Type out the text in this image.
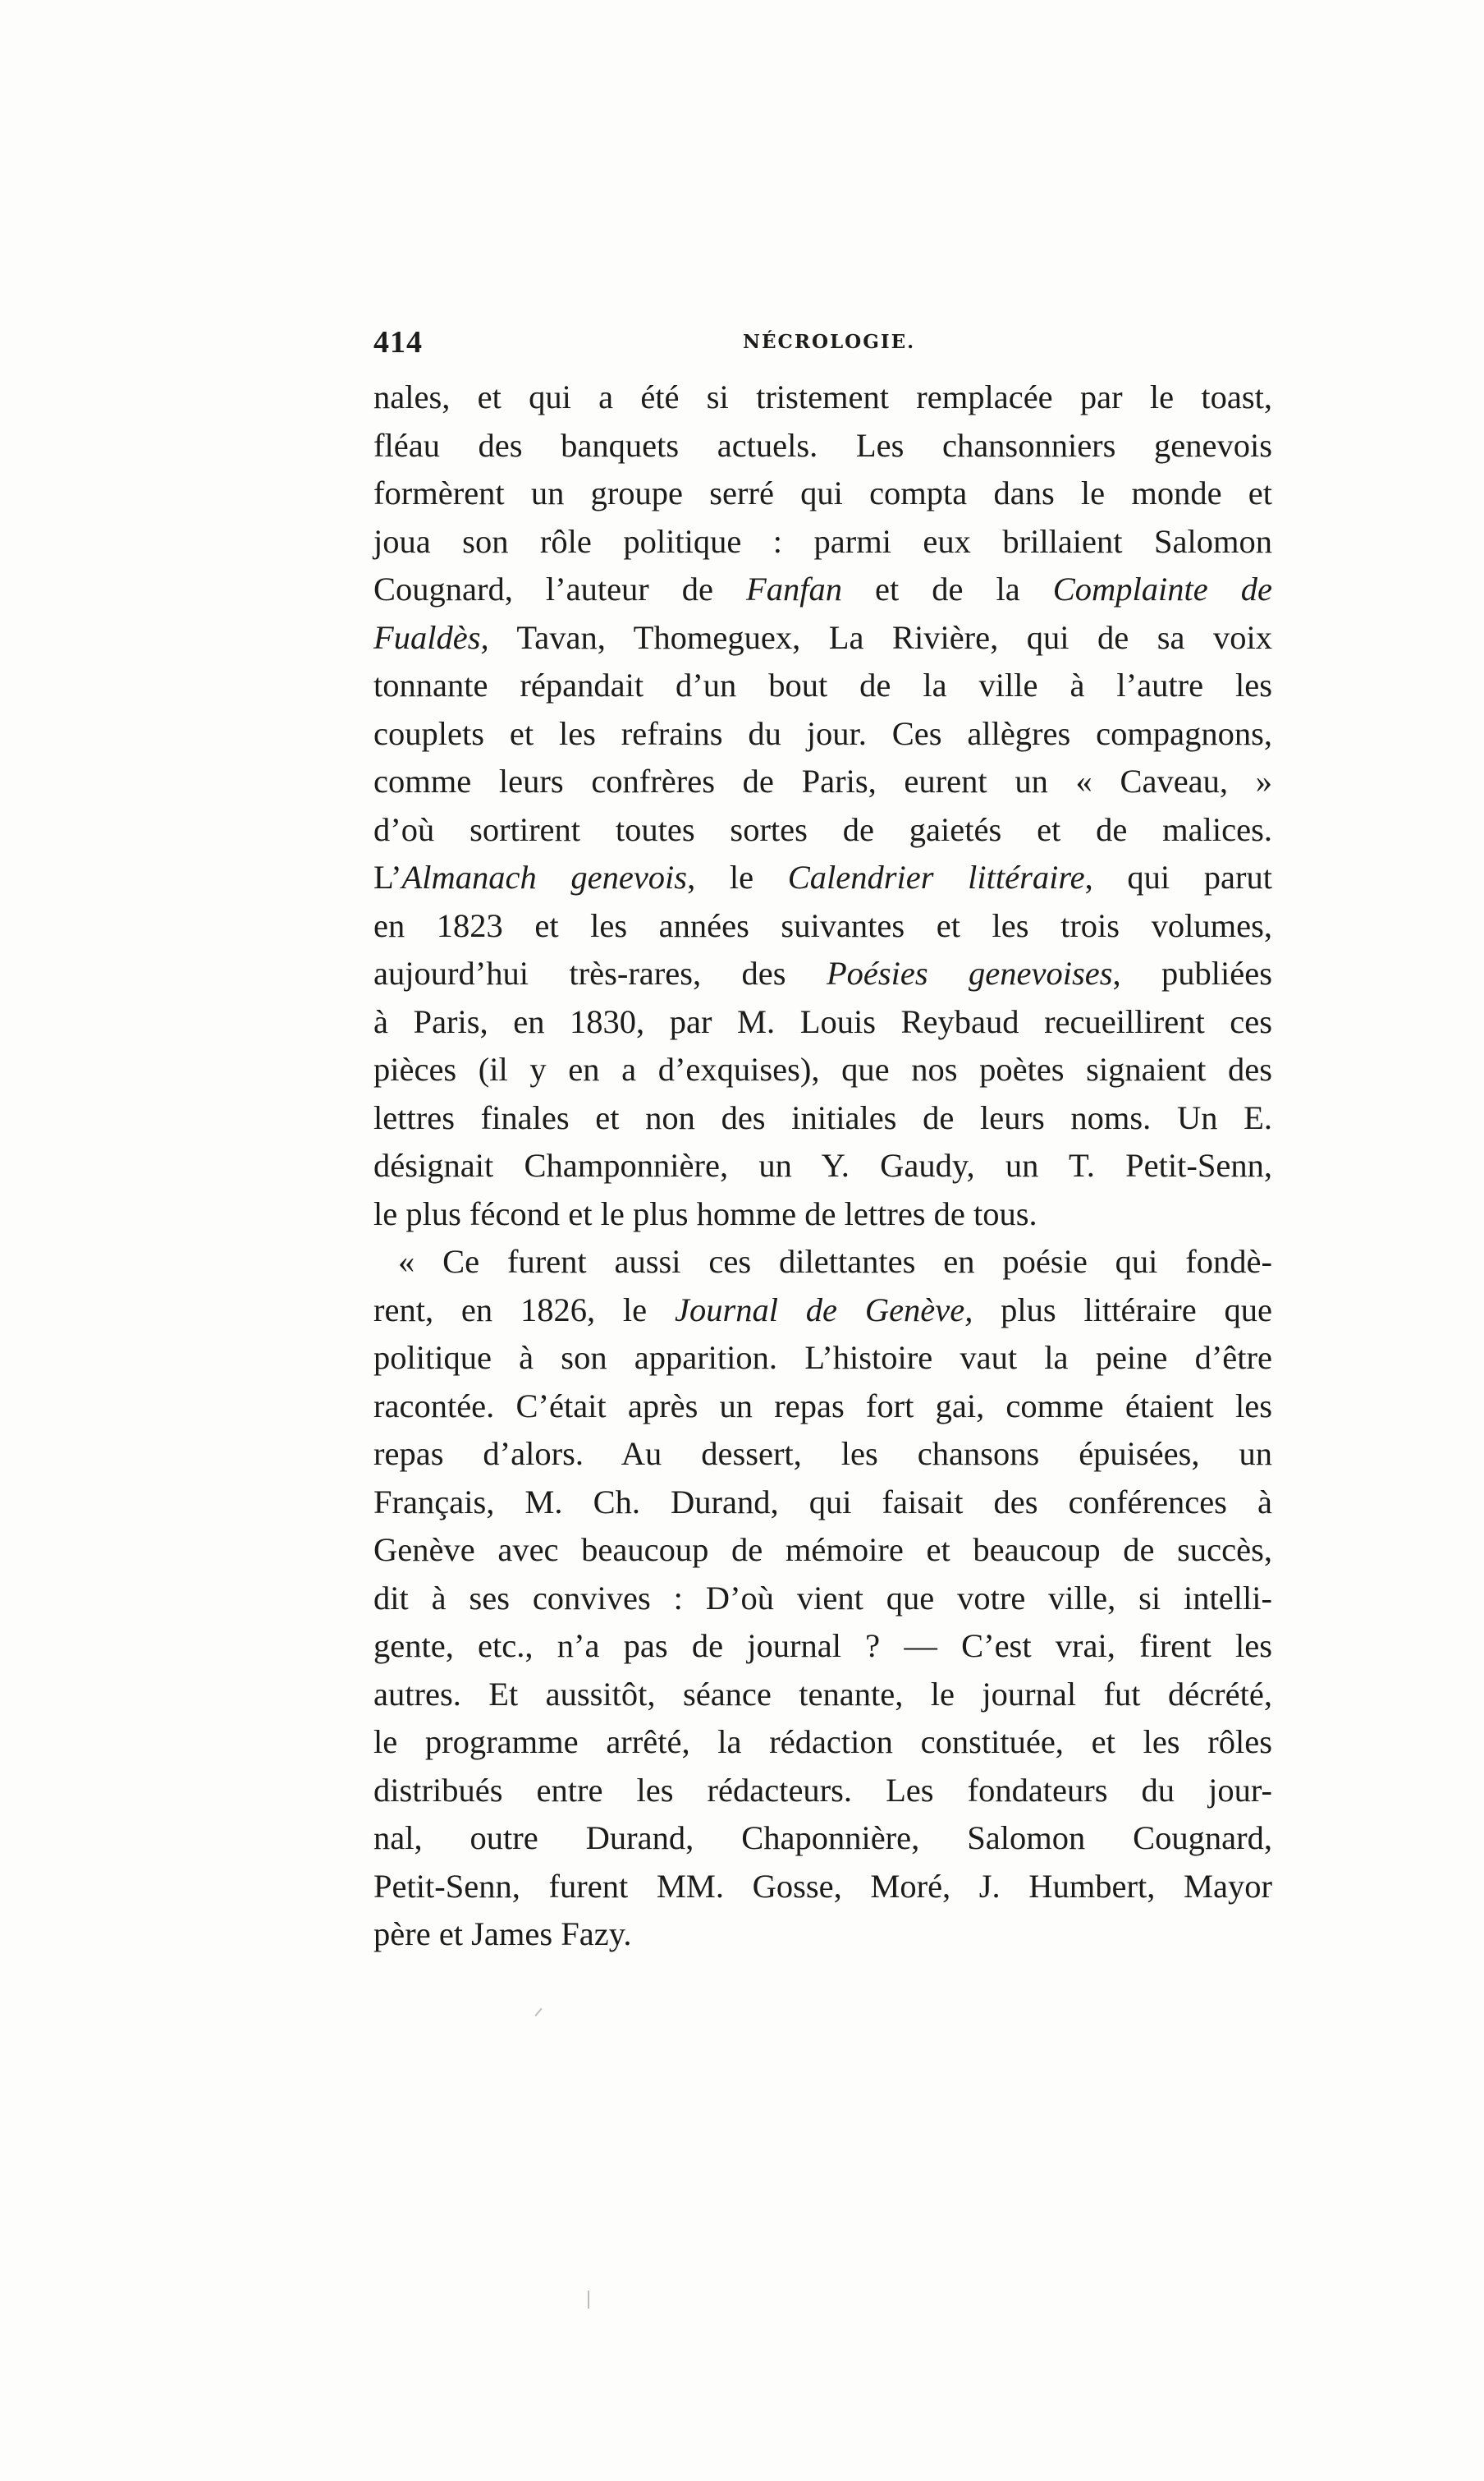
414	NÉCROLOGIE.
nales, et qui a été si tristement remplacée par le toast,
fléau des banquets actuels. Les chansonniers genevois
formèrent un groupe serré qui compta dans le monde et
joua son rôle politique : parmi eux brillaient Salomon
Cougnard, l’auteur de Fanfan et de la Complainte de
Fualdès, Tavan, Thomeguex, La Rivière, qui de sa voix
tonnante répandait d’un bout de la ville à l’autre les
couplets et les refrains du jour. Ces allègres compagnons,
comme leurs confrères de Paris, eurent un « Caveau, »
d’où sortirent toutes sortes de gaietés et de malices.
L’Almanach genevois, le Calendrier littéraire, qui parut
en 1823 et les années suivantes et les trois volumes,
aujourd’hui très-rares, des Poésies genevoises, publiées
à Paris, en 1830, par M. Louis Reybaud recueillirent ces
pièces (il y en a d’exquises), que nos poètes signaient des
lettres finales et non des initiales de leurs noms. Un E.
désignait Champonnière, un Y. Gaudy, un T. Petit-Senn,
le plus fécond et le plus homme de lettres de tous.
« Ce furent aussi ces dilettantes en poésie qui fondè-
rent, en 1826, le Journal de Genève, plus littéraire que
politique à son apparition. L’histoire vaut la peine d’être
racontée. C’était après un repas fort gai, comme étaient les
repas d’alors. Au dessert, les chansons épuisées, un
Français, M. Ch. Durand, qui faisait des conférences à
Genève avec beaucoup de mémoire et beaucoup de succès,
dit à ses convives : D’où vient que votre ville, si intelli-
gente, etc., n’a pas de journal ? — C’est vrai, firent les
autres. Et aussitôt, séance tenante, le journal fut décrété,
le programme arrêté, la rédaction constituée, et les rôles
distribués entre les rédacteurs. Les fondateurs du jour-
nal, outre Durand, Chaponnière, Salomon Cougnard,
Petit-Senn, furent MM. Gosse, Moré, J. Humbert, Mayor
père et James Fazy.
